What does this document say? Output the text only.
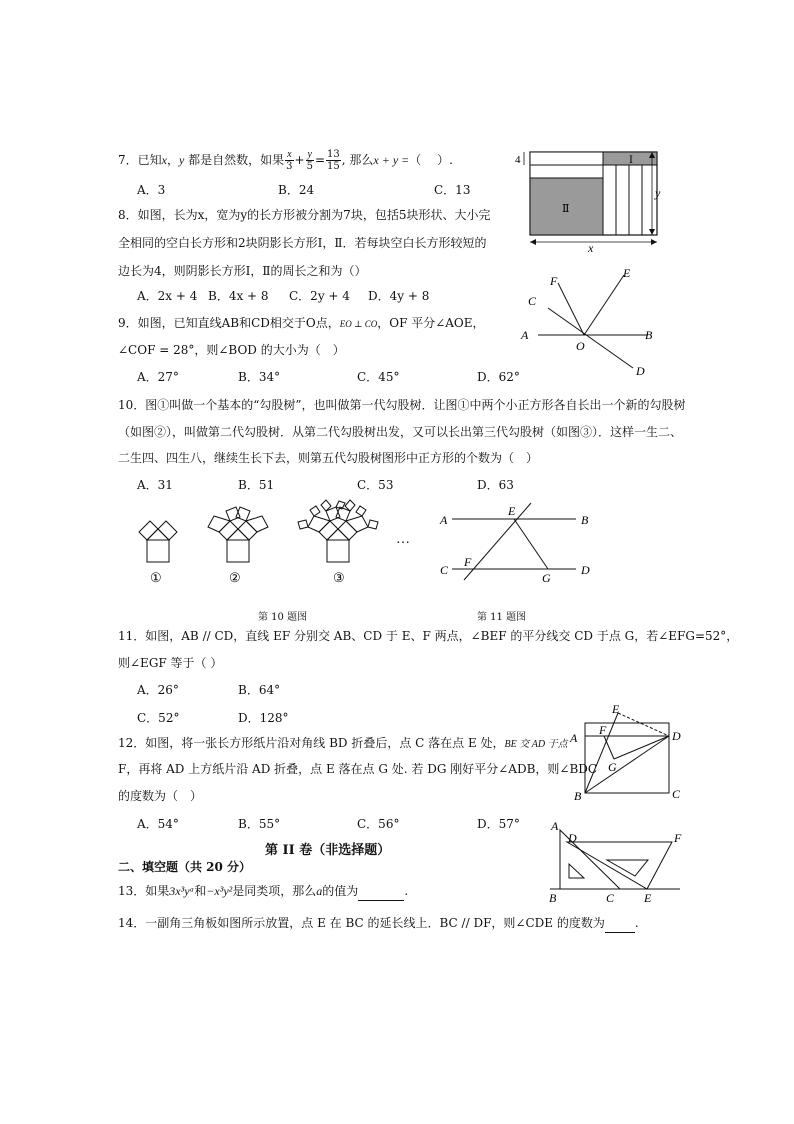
7．已知x，y 都是自然数，如果 $\frac{x}{3} + \frac{y}{5} = \frac{13}{15}$ , 那么x + y =（　 ）.
A．3	B．24	C．13
4	Ⅰ
Ⅱ
y
x
8．如图，长为x，宽为y的长方形被分割为7块，包括5块形状、大小完
全相同的空白长方形和2块阴影长方形Ⅰ，Ⅱ．若每块空白长方形较短的
边长为4，则阴影长方形Ⅰ，Ⅱ的周长之和为（）
A．2x + 4 B．4x + 8 C．2y + 4 D．4y + 8
F
E
C
A
O
B
D
9．如图，已知直线AB和CD相交于O点，EO ⊥ CO，OF 平分∠AOE，
∠COF = 28°，则∠BOD 的大小为（　）
A．27°	B．34°	C．45°	D．62°
10．图①叫做一个基本的“勾股树”，也叫做第一代勾股树．让图①中两个小正方形各自长出一个新的勾股树
（如图②），叫做第二代勾股树．从第二代勾股树出发，又可以长出第三代勾股树（如图③）．这样一生二、
二生四、四生八，继续生长下去，则第五代勾股树图形中正方形的个数为（　）
A．31	B．51	C．53	D．63
…
①	②	③
A
E
B
C
F
G
D
第 10 题图	第 11 题图
11．如图，AB // CD，直线 EF 分别交 AB、CD 于 E、F 两点，∠BEF 的平分线交 CD 于点 G，若∠EFG=52°，
则∠EGF 等于（ ）
A．26°	B．64°
C．52°	D．128°
E
F
A	D
G
B	C
12．如图，将一张长方形纸片沿对角线 BD 折叠后，点 C 落在点 E 处，BE 交 AD 于点
F，再将 AD 上方纸片沿 AD 折叠，点 E 落在点 G 处. 若 DG 刚好平分∠ADB，则∠BDC
的度数为（　）
A．54°	B．55°	C．56°	D．57°	A
D	F
B	C E
第 II 卷（非选择题）
二、填空题（共 20 分）
13．如果3x³yᵃ和−x³y²是同类项，那么a的值为	.
14．一副角三角板如图所示放置，点 E 在 BC 的延长线上．BC // DF，则∠CDE 的度数为	.
